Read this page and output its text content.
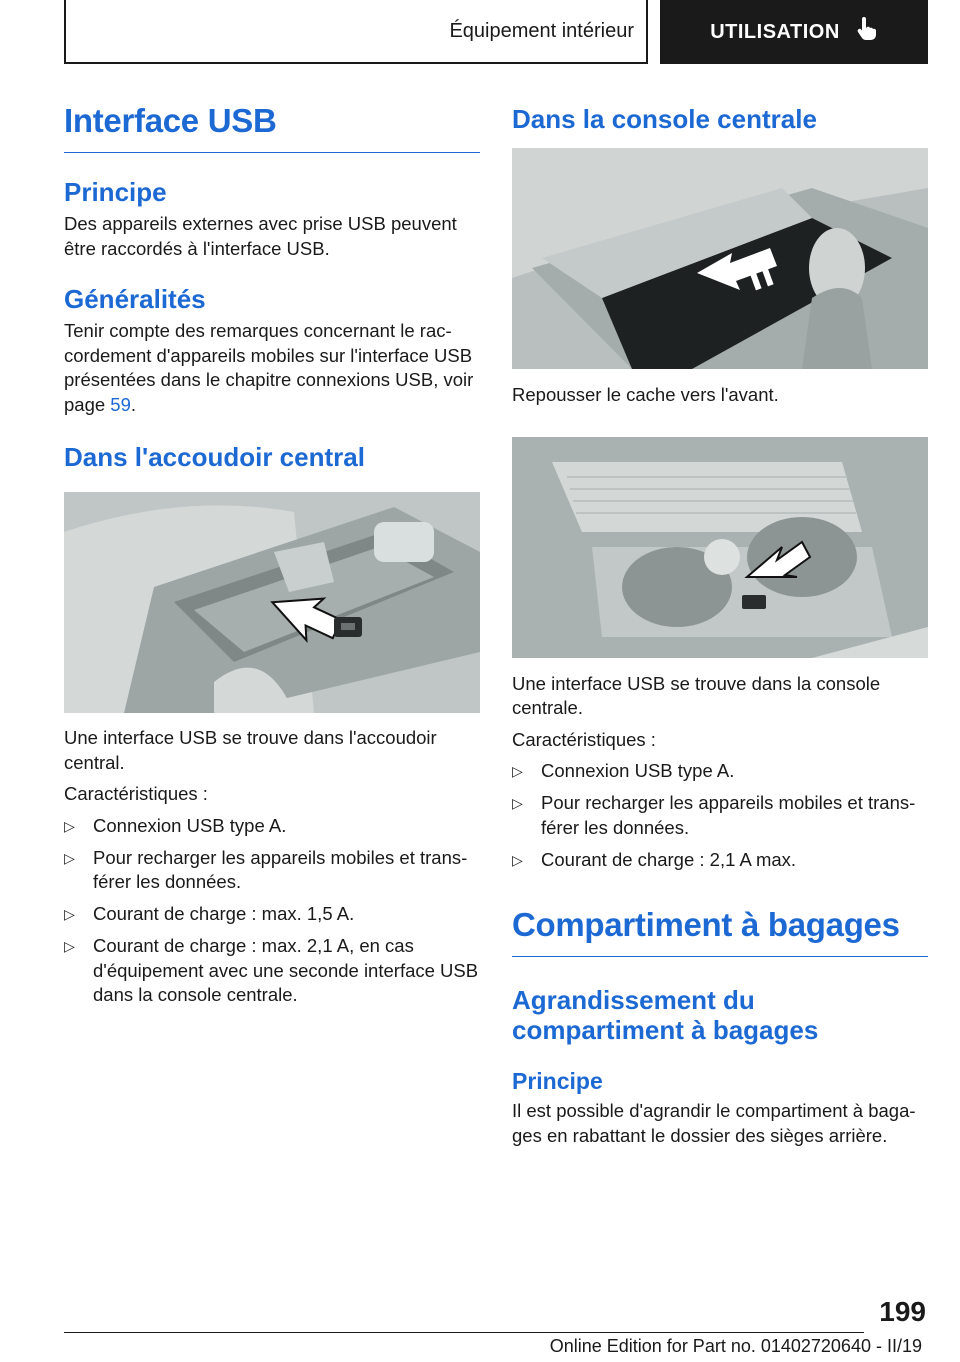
Équipement intérieur	UTILISATION
Interface USB
Principe

Des appareils externes avec prise USB peuvent être raccordés à l'interface USB.

Généralités

Tenir compte des remarques concernant le rac‐cordement d'appareils mobiles sur l'interface USB présentées dans le chapitre connexions USB, voir page 59.

Dans l'accoudoir central

Une interface USB se trouve dans l'accoudoir central.

Caractéristiques :

▷ Connexion USB type A.
▷ Pour recharger les appareils mobiles et trans‐férer les données.
▷ Courant de charge : max. 1,5 A.
▷ Courant de charge : max. 2,1 A, en cas d'équipement avec une seconde interface USB dans la console centrale.
Dans la console centrale

Repousser le cache vers l'avant.

Une interface USB se trouve dans la console centrale.

Caractéristiques :

▷ Connexion USB type A.
▷ Pour recharger les appareils mobiles et trans‐férer les données.
▷ Courant de charge : 2,1 A max.
Compartiment à bagages
Agrandissement du compartiment à bagages
Principe

Il est possible d'agrandir le compartiment à baga‐ges en rabattant le dossier des sièges arrière.

199
Online Edition for Part no. 01402720640 - II/19
